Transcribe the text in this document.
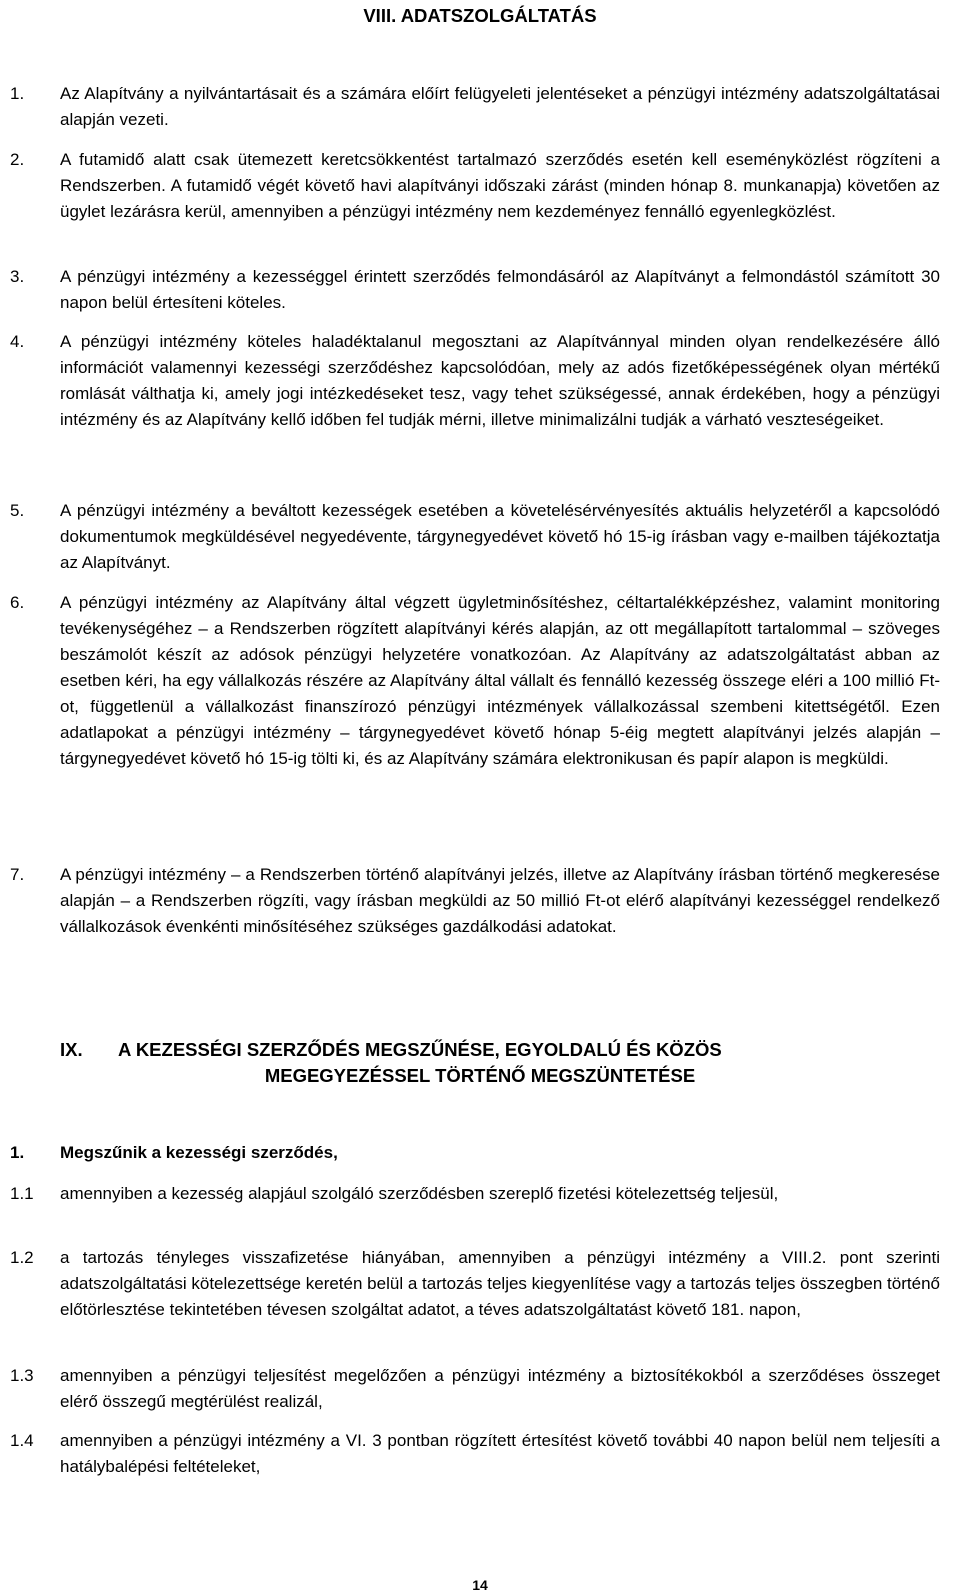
VIII. ADATSZOLGÁLTATÁS
1.	Az Alapítvány a nyilvántartásait és a számára előírt felügyeleti jelentéseket a pénzügyi intézmény adatszolgáltatásai alapján vezeti.
2.	A futamidő alatt csak ütemezett keretcsökkentést tartalmazó szerződés esetén kell eseményközlést rögzíteni a Rendszerben. A futamidő végét követő havi alapítványi időszaki zárást (minden hónap 8. munkanapja) követően az ügylet lezárásra kerül, amennyiben a pénzügyi intézmény nem kezdeményez fennálló egyenlegközlést.
3.	A pénzügyi intézmény a kezességgel érintett szerződés felmondásáról az Alapítványt a felmondástól számított 30 napon belül értesíteni köteles.
4.	A pénzügyi intézmény köteles haladéktalanul megosztani az Alapítvánnyal minden olyan rendelkezésére álló információt valamennyi kezességi szerződéshez kapcsolódóan, mely az adós fizetőképességének olyan mértékű romlását válthatja ki, amely jogi intézkedéseket tesz, vagy tehet szükségessé, annak érdekében, hogy a pénzügyi intézmény és az Alapítvány kellő időben fel tudják mérni, illetve minimalizálni tudják a várható veszteségeiket.
5.	A pénzügyi intézmény a beváltott kezességek esetében a követelésérvényesítés aktuális helyzetéről a kapcsolódó dokumentumok megküldésével negyedévente, tárgynegyedévet követő hó 15-ig írásban vagy e-mailben tájékoztatja az Alapítványt.
6.	A pénzügyi intézmény az Alapítvány által végzett ügyletminősítéshez, céltartalékképzéshez, valamint monitoring tevékenységéhez – a Rendszerben rögzített alapítványi kérés alapján, az ott megállapított tartalommal – szöveges beszámolót készít az adósok pénzügyi helyzetére vonatkozóan. Az Alapítvány az adatszolgáltatást abban az esetben kéri, ha egy vállalkozás részére az Alapítvány által vállalt és fennálló kezesség összege eléri a 100 millió Ft-ot, függetlenül a vállalkozást finanszírozó pénzügyi intézmények vállalkozással szembeni kitettségétől. Ezen adatlapokat a pénzügyi intézmény – tárgynegyedévet követő hónap 5-éig megtett alapítványi jelzés alapján – tárgynegyedévet követő hó 15-ig tölti ki, és az Alapítvány számára elektronikusan és papír alapon is megküldi.
7.	A pénzügyi intézmény – a Rendszerben történő alapítványi jelzés, illetve az Alapítvány írásban történő megkeresése alapján – a Rendszerben rögzíti, vagy írásban megküldi az 50 millió Ft-ot elérő alapítványi kezességgel rendelkező vállalkozások évenkénti minősítéséhez szükséges gazdálkodási adatokat.
IX.	A KEZESSÉGI SZERZŐDÉS MEGSZŰNÉSE, EGYOLDALÚ ÉS KÖZÖS
MEGEGYEZÉSSEL TÖRTÉNŐ MEGSZÜNTETÉSE
1.	Megszűnik a kezességi szerződés,
1.1	amennyiben a kezesség alapjául szolgáló szerződésben szereplő fizetési kötelezettség teljesül,
1.2	a tartozás tényleges visszafizetése hiányában, amennyiben a pénzügyi intézmény a VIII.2. pont szerinti adatszolgáltatási kötelezettsége keretén belül a tartozás teljes kiegyenlítése vagy a tartozás teljes összegben történő előtörlesztése tekintetében tévesen szolgáltat adatot, a téves adatszolgáltatást követő 181. napon,
1.3	amennyiben a pénzügyi teljesítést megelőzően a pénzügyi intézmény a biztosítékokból a szerződéses összeget elérő összegű megtérülést realizál,
1.4	amennyiben a pénzügyi intézmény a VI. 3 pontban rögzített értesítést követő további 40 napon belül nem teljesíti a hatálybalépési feltételeket,
14
